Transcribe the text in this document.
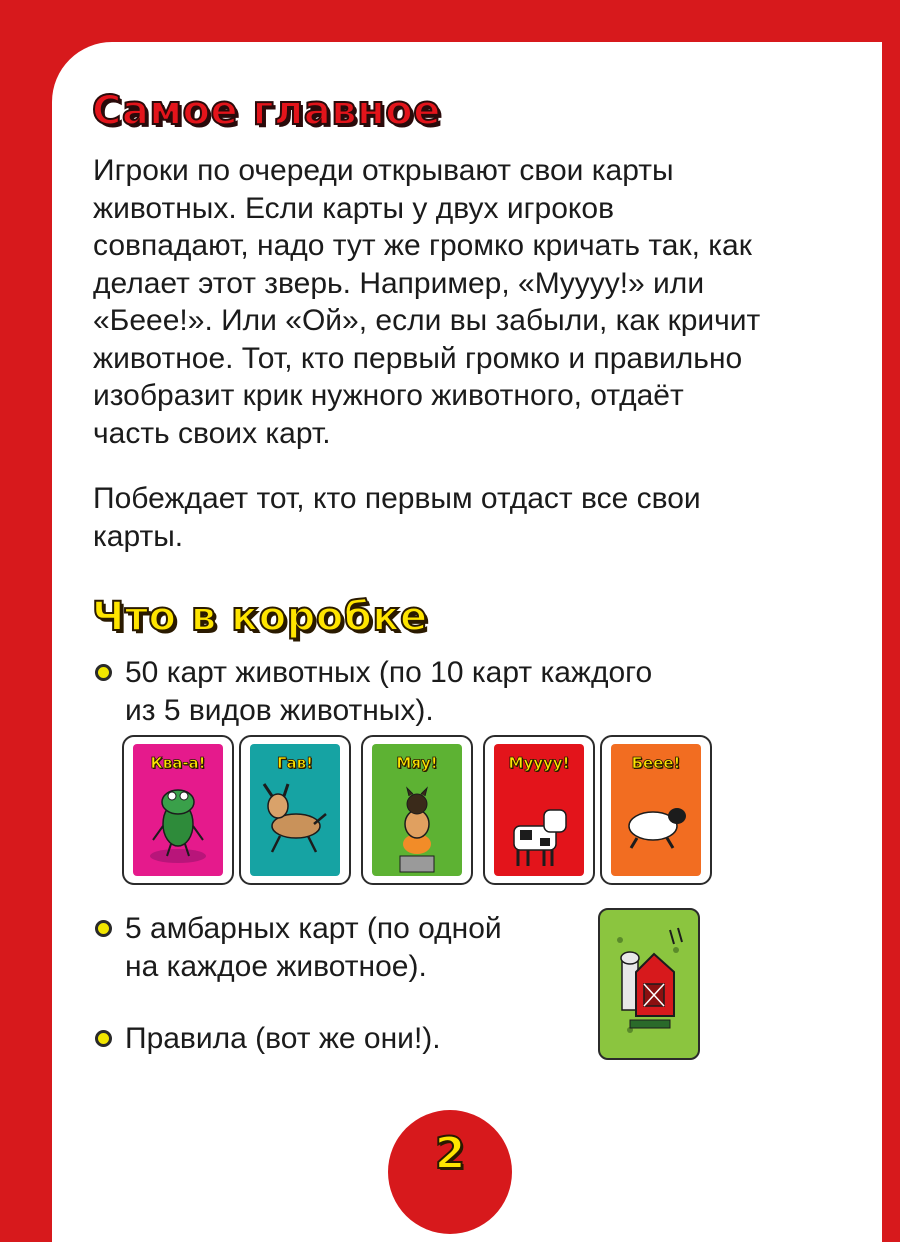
Самое главное
Игроки по очереди открывают свои карты
животных. Если карты у двух игроков
совпадают, надо тут же громко кричать так, как
делает этот зверь. Например, «Мyyyy!» или
«Беее!». Или «Ой», если вы забыли, как кричит
животное. Тот, кто первый громко и правильно
изобразит крик нужного животного, отдаёт
часть своих карт.
Побеждает тот, кто первым отдаст все свои
карты.
Что в коробке
50 карт животных (по 10 карт каждого
из 5 видов животных).
Ква-а!	Гав!	Мяу!	Мyyyy!	Беее!
5 амбарных карт (по одной
на каждое животное).
Правила (вот же они!).
2
